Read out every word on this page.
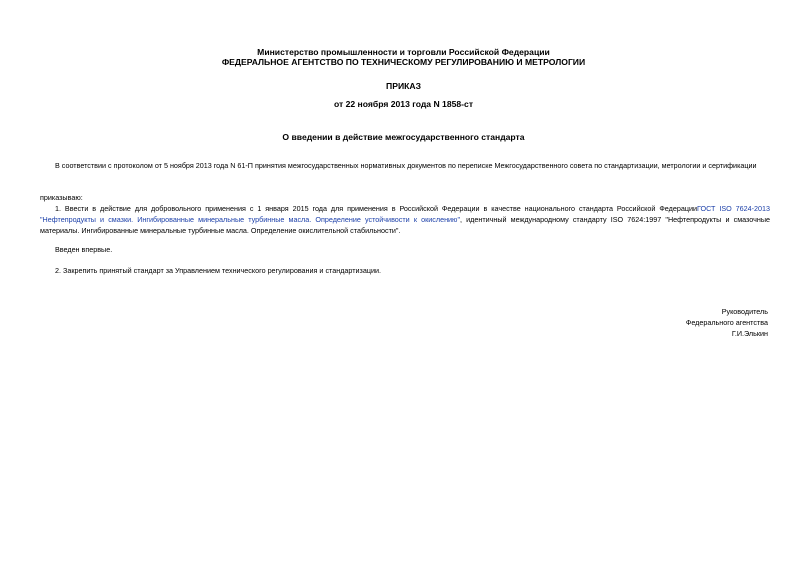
Министерство промышленности и торговли Российской Федерации
ФЕДЕРАЛЬНОЕ АГЕНТСТВО ПО ТЕХНИЧЕСКОМУ РЕГУЛИРОВАНИЮ И МЕТРОЛОГИИ
ПРИКАЗ
от 22 ноября 2013 года N 1858-ст
О введении в действие межгосударственного стандарта
В соответствии с протоколом от 5 ноября 2013 года N 61-П принятия межгосударственных нормативных документов по переписке Межгосударственного совета по стандартизации, метрологии и сертификации
приказываю:
1. Ввести в действие для добровольного применения с 1 января 2015 года для применения в Российской Федерации в качестве национального стандарта Российской ФедерацииГОСТ ISO 7624-2013 "Нефтепродукты и смазки. Ингибированные минеральные турбинные масла. Определение устойчивости к окислению", идентичный международному стандарту ISO 7624:1997 "Нефтепродукты и смазочные материалы. Ингибированные минеральные турбинные масла. Определение окислительной стабильности".
Введен впервые.
2. Закрепить принятый стандарт за Управлением технического регулирования и стандартизации.
Руководитель
Федерального агентства
Г.И.Элькин
